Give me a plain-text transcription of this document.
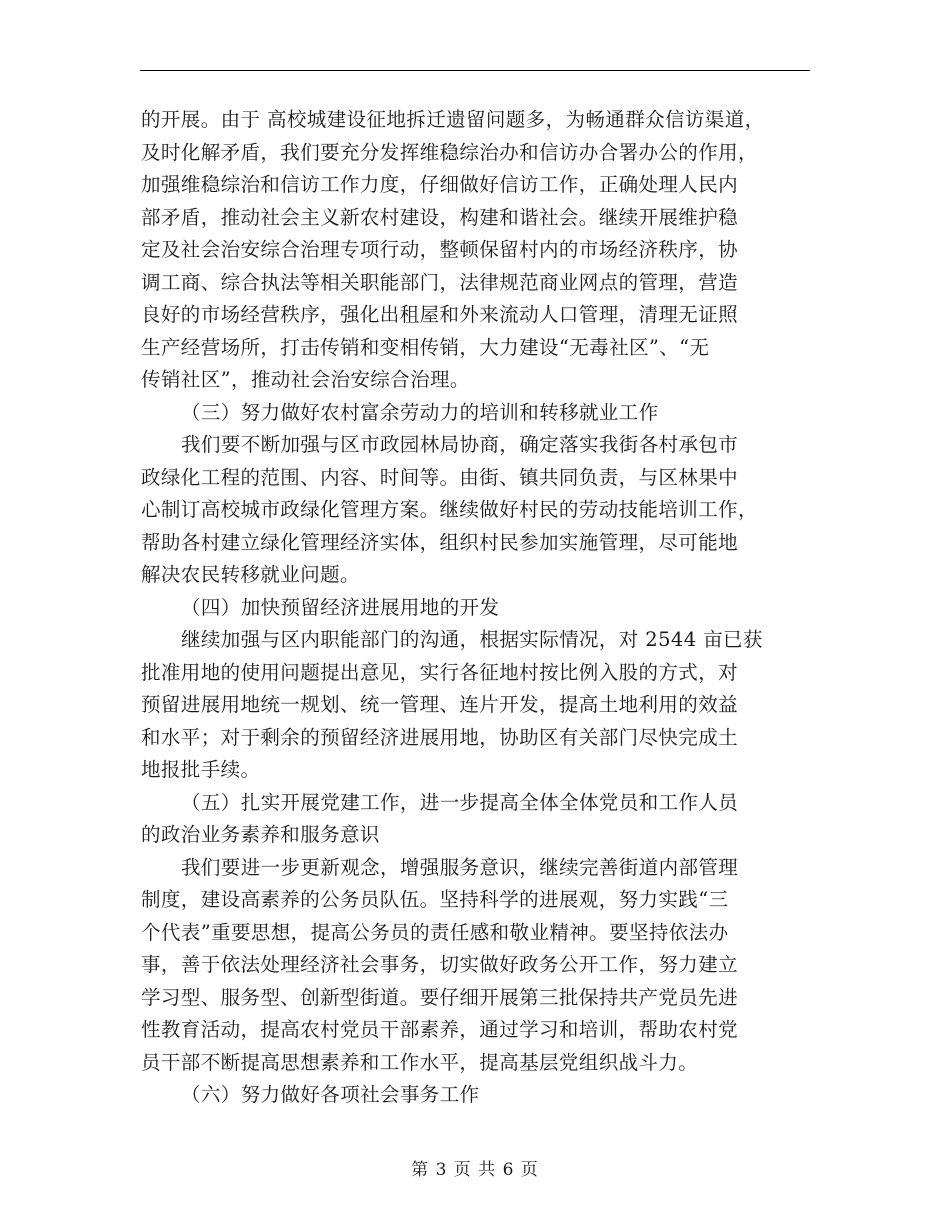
的开展。由于 高校城建设征地拆迁遗留问题多，为畅通群众信访渠道，
及时化解矛盾，我们要充分发挥维稳综治办和信访办合署办公的作用，
加强维稳综治和信访工作力度，仔细做好信访工作，正确处理人民内
部矛盾，推动社会主义新农村建设，构建和谐社会。继续开展维护稳
定及社会治安综合治理专项行动，整顿保留村内的市场经济秩序，协
调工商、综合执法等相关职能部门，法律规范商业网点的管理，营造
良好的市场经营秩序，强化出租屋和外来流动人口管理，清理无证照
生产经营场所，打击传销和变相传销，大力建设“无毒社区”、“无
传销社区”，推动社会治安综合治理。
（三）努力做好农村富余劳动力的培训和转移就业工作
我们要不断加强与区市政园林局协商，确定落实我街各村承包市
政绿化工程的范围、内容、时间等。由街、镇共同负责，与区林果中
心制订高校城市政绿化管理方案。继续做好村民的劳动技能培训工作，
帮助各村建立绿化管理经济实体，组织村民参加实施管理，尽可能地
解决农民转移就业问题。
（四）加快预留经济进展用地的开发
继续加强与区内职能部门的沟通，根据实际情况，对 2544 亩已获
批准用地的使用问题提出意见，实行各征地村按比例入股的方式，对
预留进展用地统一规划、统一管理、连片开发，提高土地利用的效益
和水平；对于剩余的预留经济进展用地，协助区有关部门尽快完成土
地报批手续。
（五）扎实开展党建工作，进一步提高全体全体党员和工作人员
的政治业务素养和服务意识
我们要进一步更新观念，增强服务意识，继续完善街道内部管理
制度，建设高素养的公务员队伍。坚持科学的进展观，努力实践“三
个代表”重要思想，提高公务员的责任感和敬业精神。要坚持依法办
事，善于依法处理经济社会事务，切实做好政务公开工作，努力建立
学习型、服务型、创新型街道。要仔细开展第三批保持共产党员先进
性教育活动，提高农村党员干部素养，通过学习和培训，帮助农村党
员干部不断提高思想素养和工作水平，提高基层党组织战斗力。
（六）努力做好各项社会事务工作
第 3 页 共 6 页
